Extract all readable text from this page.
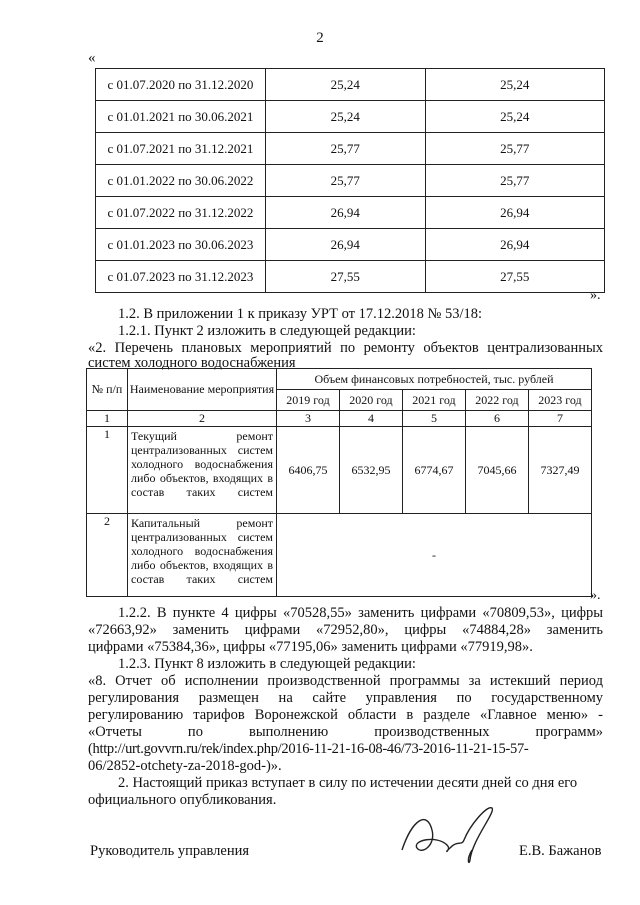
2
«
с 01.07.2020 по 31.12.2020	25,24	25,24
с 01.01.2021 по 30.06.2021	25,24	25,24
с 01.07.2021 по 31.12.2021	25,77	25,77
с 01.01.2022 по 30.06.2022	25,77	25,77
с 01.07.2022 по 31.12.2022	26,94	26,94
с 01.01.2023 по 30.06.2023	26,94	26,94
с 01.07.2023 по 31.12.2023	27,55	27,55
».
1.2. В приложении 1 к приказу УРТ от 17.12.2018 № 53/18:
1.2.1. Пункт 2 изложить в следующей редакции:
«2. Перечень плановых мероприятий по ремонту объектов централизованных
систем холодного водоснабжения
№ п/п	Наименование мероприятия	Объем финансовых потребностей, тыс. рублей				
		2019 год	2020 год	2021 год	2022 год	2023 год
1	2	3	4	5	6	7
1	Текущий ремонт централизованных систем холодного водоснабжения либо объектов, входящих в состав таких систем	6406,75	6532,95	6774,67	7045,66	7327,49
2	Капитальный ремонт централизованных систем холодного водоснабжения либо объектов, входящих в состав таких систем	-				
».
1.2.2. В пункте 4 цифры «70528,55» заменить цифрами «70809,53», цифры
«72663,92» заменить цифрами «72952,80», цифры «74884,28» заменить
цифрами «75384,36», цифры «77195,06» заменить цифрами «77919,98».
1.2.3. Пункт 8 изложить в следующей редакции:
«8. Отчет об исполнении производственной программы за истекший период
регулирования размещен на сайте управления по государственному
регулированию тарифов Воронежской области в разделе «Главное меню» -
«Отчеты по выполнению производственных программ»
(http://urt.govvrn.ru/rek/index.php/2016-11-21-16-08-46/73-2016-11-21-15-57-
06/2852-otchety-za-2018-god-)».
2. Настоящий приказ вступает в силу по истечении десяти дней со дня его
официального опубликования.
Руководитель управления	Е.В. Бажанов
